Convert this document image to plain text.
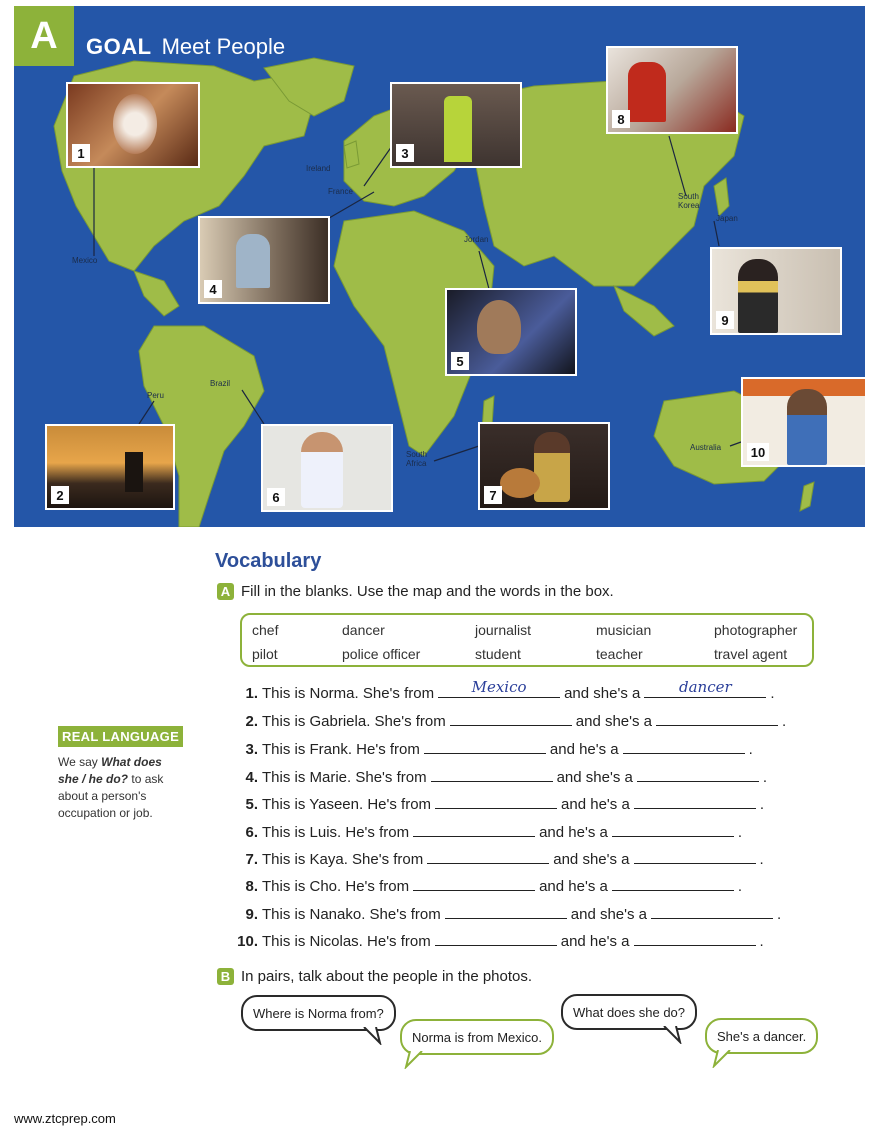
A	GOAL Meet People
Ireland
France
Mexico
Jordan
South Korea
Japan
Peru
Brazil
South Africa
Australia
1
2
3
4
5
6	7
8
9
10
Vocabulary
A Fill in the blanks. Use the map and the words in the box.
chef	dancer	journalist	musician	photographer
pilot	police officer	student	teacher	travel agent
1. This is Norma. She's from	Mexico	and she's a	dancer	.
2. This is Gabriela. She's from	and she's a	.
3. This is Frank. He's from	and he's a	.
4. This is Marie. She's from	and she's a	.
5. This is Yaseen. He's from	and he's a	.
6. This is Luis. He's from	and he's a	.
7. This is Kaya. She's from	and she's a	.
8. This is Cho. He's from	and he's a	.
9. This is Nanako. She's from	and she's a	.
10. This is Nicolas. He's from	and he's a	.
B In pairs, talk about the people in the photos.
Where is Norma from?
Norma is from Mexico.
What does she do?
She's a dancer.
REAL LANGUAGE
We say What does she / he do? to ask about a person's occupation or job.
www.ztcprep.com
